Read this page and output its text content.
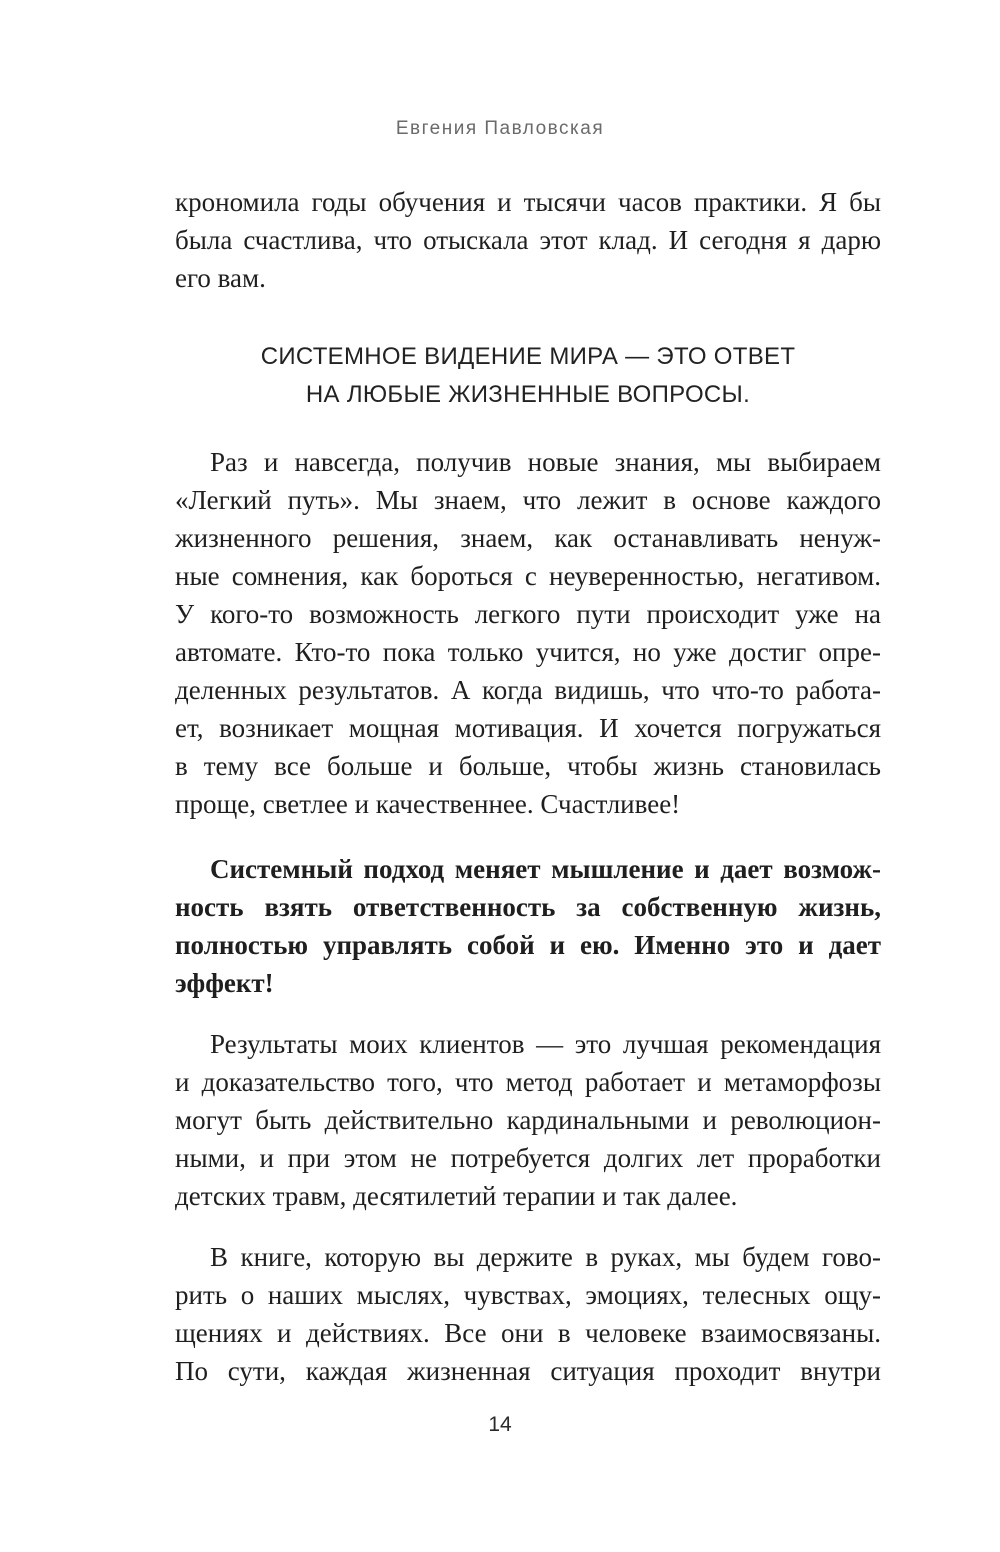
Евгения Павловская

крономила годы обучения и тысячи часов практики. Я бы
была счастлива, что отыскала этот клад. И сегодня я дарю
его вам.

СИСТЕМНОЕ ВИДЕНИЕ МИРА — ЭТО ОТВЕТ
НА ЛЮБЫЕ ЖИЗНЕННЫЕ ВОПРОСЫ.

Раз и навсегда, получив новые знания, мы выбираем
«Легкий путь». Мы знаем, что лежит в основе каждого
жизненного решения, знаем, как останавливать ненуж-
ные сомнения, как бороться с неуверенностью, негативом.
У кого-то возможность легкого пути происходит уже на
автомате. Кто-то пока только учится, но уже достиг опре-
деленных результатов. А когда видишь, что что-то работа-
ет, возникает мощная мотивация. И хочется погружаться
в тему все больше и больше, чтобы жизнь становилась
проще, светлее и качественнее. Счастливее!

Системный подход меняет мышление и дает возмож-
ность взять ответственность за собственную жизнь,
полностью управлять собой и ею. Именно это и дает
эффект!

Результаты моих клиентов — это лучшая рекомендация
и доказательство того, что метод работает и метаморфозы
могут быть действительно кардинальными и революцион-
ными, и при этом не потребуется долгих лет проработки
детских травм, десятилетий терапии и так далее.

В книге, которую вы держите в руках, мы будем гово-
рить о наших мыслях, чувствах, эмоциях, телесных ощу-
щениях и действиях. Все они в человеке взаимосвязаны.
По сути, каждая жизненная ситуация проходит внутри

14
